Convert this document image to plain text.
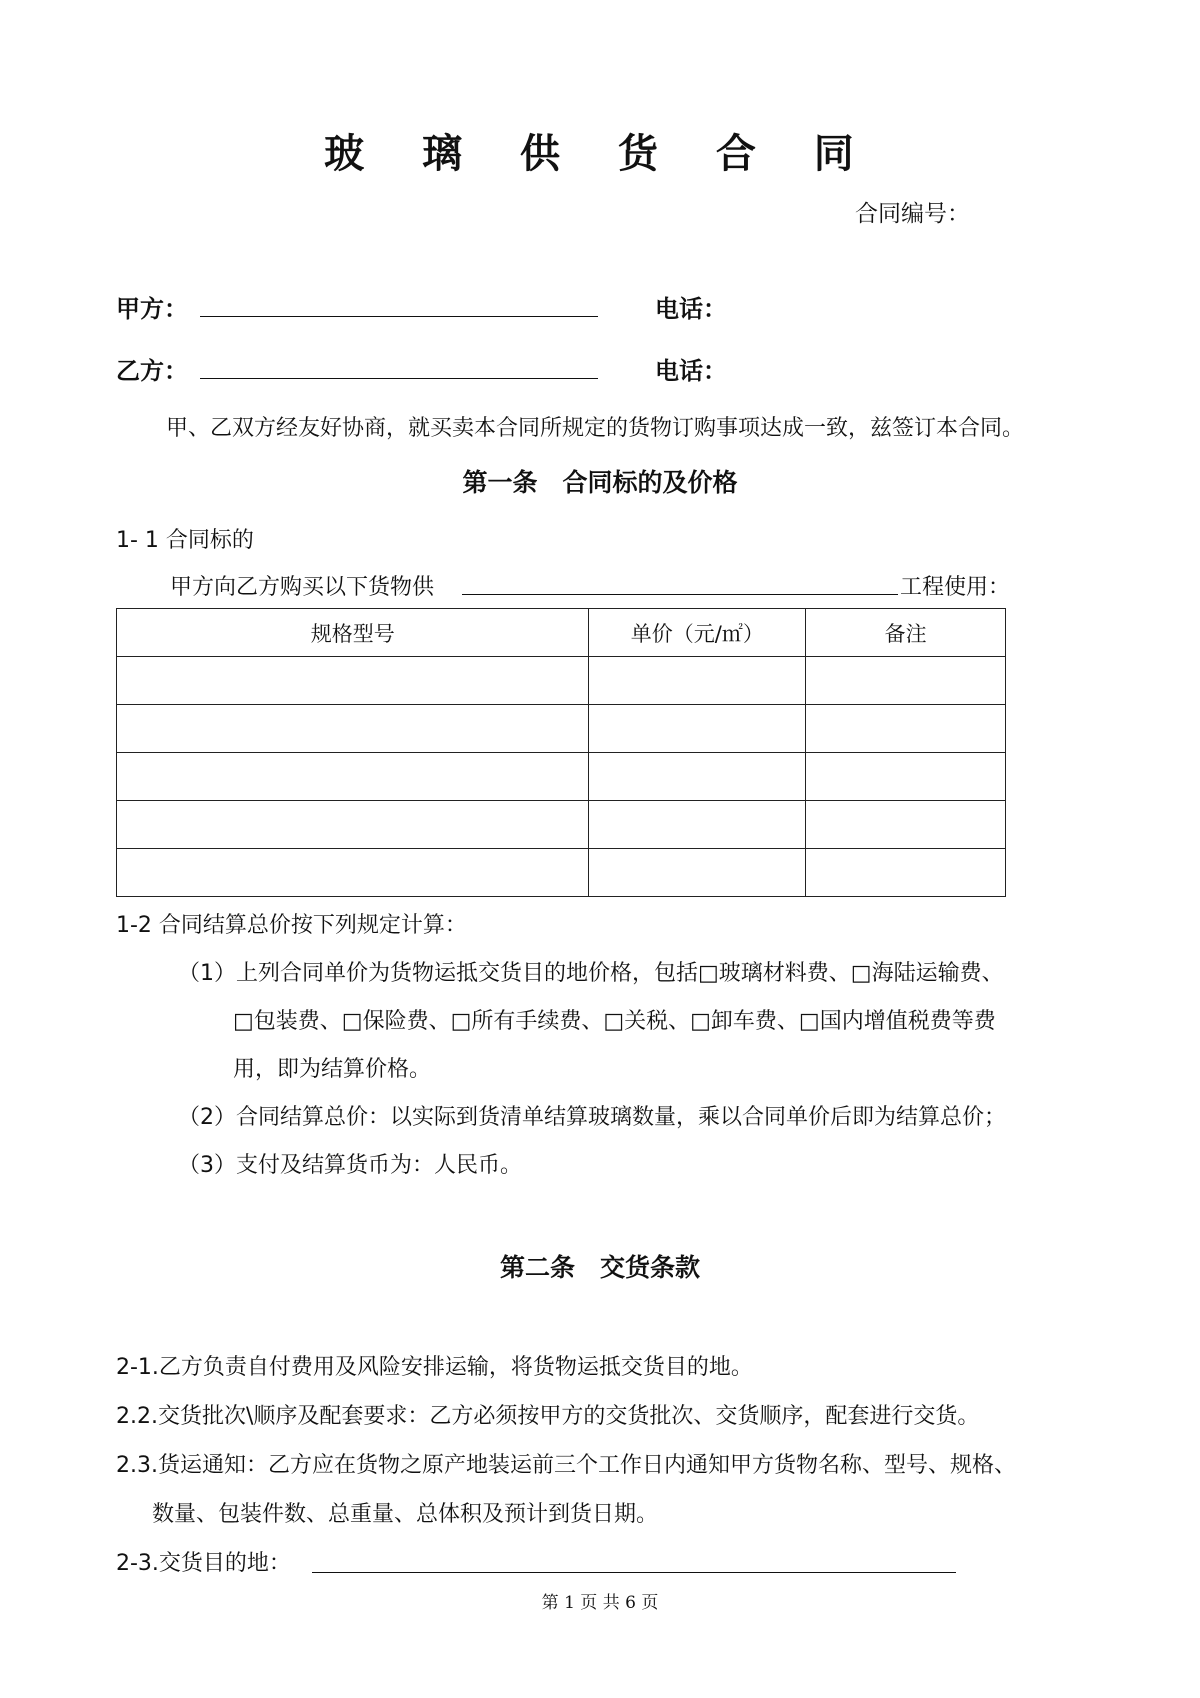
玻 璃 供 货 合 同
合同编号：
甲方：	电话：
乙方：	电话：
甲、乙双方经友好协商，就买卖本合同所规定的货物订购事项达成一致，兹签订本合同。
第一条　合同标的及价格
1- 1 合同标的
甲方向乙方购买以下货物供	工程使用：
规格型号	单价（元/㎡）	备注

1-2 合同结算总价按下列规定计算：
（1）上列合同单价为货物运抵交货目的地价格，包括□玻璃材料费、□海陆运输费、
□包装费、□保险费、□所有手续费、□关税、□卸车费、□国内增值税费等费
用，即为结算价格。
（2）合同结算总价：以实际到货清单结算玻璃数量，乘以合同单价后即为结算总价；
（3）支付及结算货币为：人民币。
第二条　交货条款
2-1.乙方负责自付费用及风险安排运输，将货物运抵交货目的地。
2.2.交货批次\顺序及配套要求：乙方必须按甲方的交货批次、交货顺序，配套进行交货。
2.3.货运通知：乙方应在货物之原产地装运前三个工作日内通知甲方货物名称、型号、规格、
数量、包装件数、总重量、总体积及预计到货日期。
2-3.交货目的地：
第 1 页 共 6 页
